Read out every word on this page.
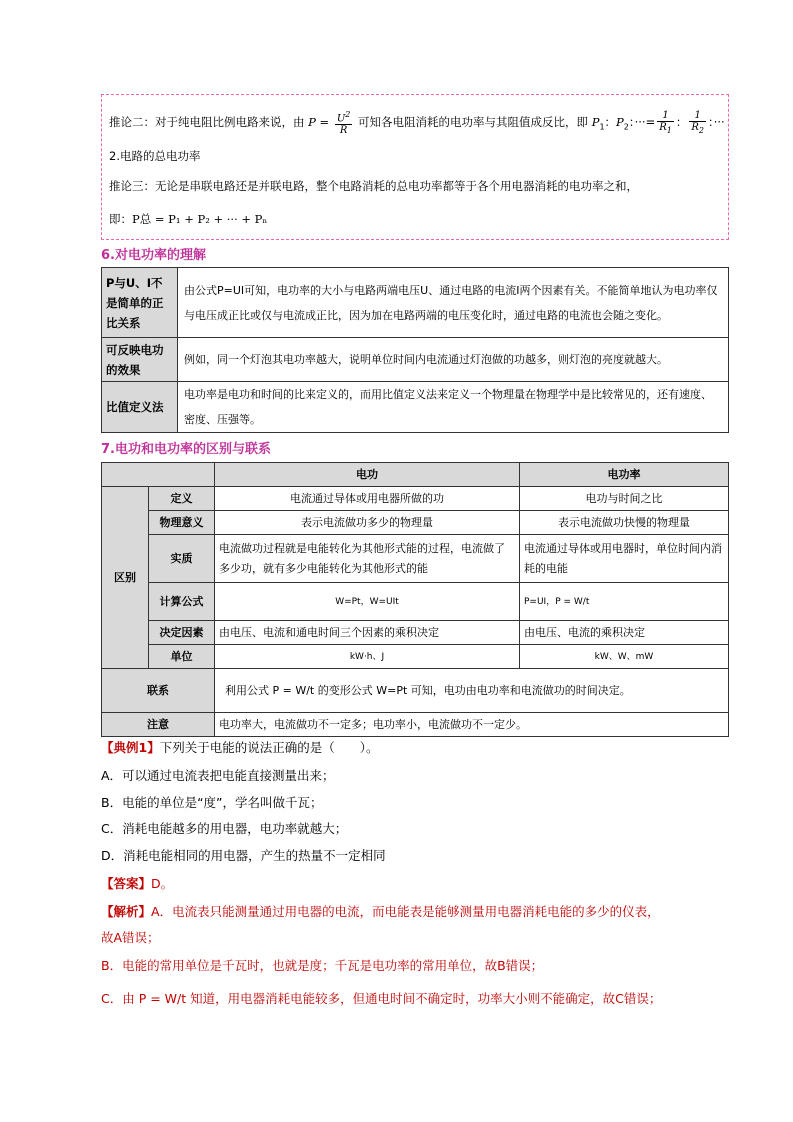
推论二：对于纯电阻比例电路来说，由 $P = \frac{U^2}{R}$ 可知各电阻消耗的电功率与其阻值成反比，即 $P_1$：$P_2$：···= $\frac{1}{R_1}$ ： $\frac{1}{R_2}$ ：···
2.电路的总电功率
推论三：无论是串联电路还是并联电路，整个电路消耗的总电功率都等于各个用电器消耗的电功率之和，
即：P总 = P₁ + P₂ + ··· + Pₙ
6.对电功率的理解
P与U、I不是简单的正比关系	由公式P=UI可知，电功率的大小与电路两端电压U、通过电路的电流I两个因素有关。不能简单地认为电功率仅与电压成正比或仅与电流成正比，因为加在电路两端的电压变化时，通过电路的电流也会随之变化。
可反映电功的效果	例如，同一个灯泡其电功率越大，说明单位时间内电流通过灯泡做的功越多，则灯泡的亮度就越大。
比值定义法	电功率是电功和时间的比来定义的，而用比值定义法来定义一个物理量在物理学中是比较常见的，还有速度、密度、压强等。
7.电功和电功率的区别与联系
		电功	电功率
区别	定义	电流通过导体或用电器所做的功	电功与时间之比
	物理意义	表示电流做功多少的物理量	表示电流做功快慢的物理量
	实质	电流做功过程就是电能转化为其他形式能的过程，电流做了多少功，就有多少电能转化为其他形式的能	电流通过导体或用电器时，单位时间内消耗的电能
	计算公式	W=Pt，W=UIt	P=UI，P = W/t
	决定因素	由电压、电流和通电时间三个因素的乘积决定	由电压、电流的乘积决定
	单位	kW·h、J	kW、W、mW
联系		利用公式 P = W/t 的变形公式 W=Pt 可知，电功由电功率和电流做功的时间决定。	
注意		电功率大，电流做功不一定多；电功率小，电流做功不一定少。	
【典例1】下列关于电能的说法正确的是（　　）。
A．可以通过电流表把电能直接测量出来；
B．电能的单位是“度”，学名叫做千瓦；
C．消耗电能越多的用电器，电功率就越大；
D．消耗电能相同的用电器，产生的热量不一定相同
【答案】D。
【解析】A．电流表只能测量通过用电器的电流，而电能表是能够测量用电器消耗电能的多少的仪表，
故A错误；
B．电能的常用单位是千瓦时，也就是度；千瓦是电功率的常用单位，故B错误；
C．由 P = W/t 知道，用电器消耗电能较多，但通电时间不确定时，功率大小则不能确定，故C错误；
